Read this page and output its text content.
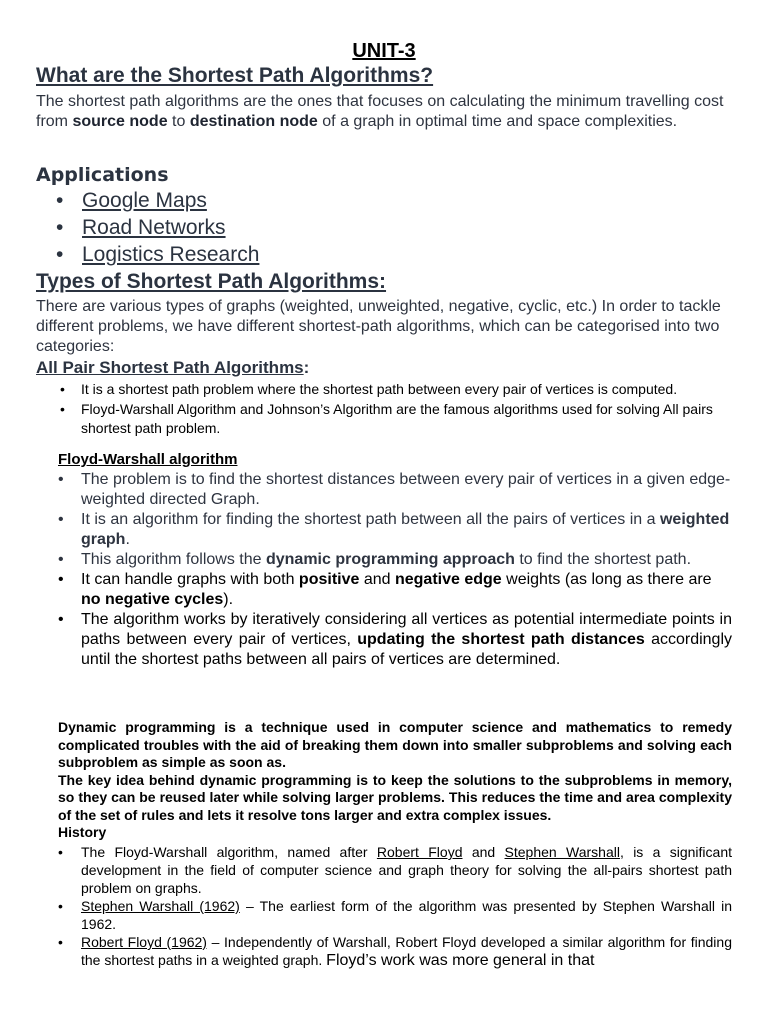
UNIT-3
What are the Shortest Path Algorithms?

The shortest path algorithms are the ones that focuses on calculating the minimum travelling cost from source node to destination node of a graph in optimal time and space complexities.

Applications
• Google Maps
• Road Networks
• Logistics Research
Types of Shortest Path Algorithms:

There are various types of graphs (weighted, unweighted, negative, cyclic, etc.) In order to tackle different problems, we have different shortest-path algorithms, which can be categorised into two categories:

All Pair Shortest Path Algorithms:
• It is a shortest path problem where the shortest path between every pair of vertices is computed.
• Floyd-Warshall Algorithm and Johnson’s Algorithm are the famous algorithms used for solving All pairs shortest path problem.
Floyd-Warshall algorithm
• The problem is to find the shortest distances between every pair of vertices in a given edge-weighted directed Graph.
• It is an algorithm for finding the shortest path between all the pairs of vertices in a weighted graph.
• This algorithm follows the dynamic programming approach to find the shortest path.
• It can handle graphs with both positive and negative edge weights (as long as there are no negative cycles).
• The algorithm works by iteratively considering all vertices as potential intermediate points in paths between every pair of vertices, updating the shortest path distances accordingly until the shortest paths between all pairs of vertices are determined.
Dynamic programming is a technique used in computer science and mathematics to remedy complicated troubles with the aid of breaking them down into smaller subproblems and solving each subproblem as simple as soon as.
The key idea behind dynamic programming is to keep the solutions to the subproblems in memory, so they can be reused later while solving larger problems. This reduces the time and area complexity of the set of rules and lets it resolve tons larger and extra complex issues.
History
• The Floyd-Warshall algorithm, named after Robert Floyd and Stephen Warshall, is a significant development in the field of computer science and graph theory for solving the all-pairs shortest path problem on graphs.
• Stephen Warshall (1962) – The earliest form of the algorithm was presented by Stephen Warshall in 1962.
• Robert Floyd (1962) – Independently of Warshall, Robert Floyd developed a similar algorithm for finding the shortest paths in a weighted graph. Floyd’s work was more general in that
